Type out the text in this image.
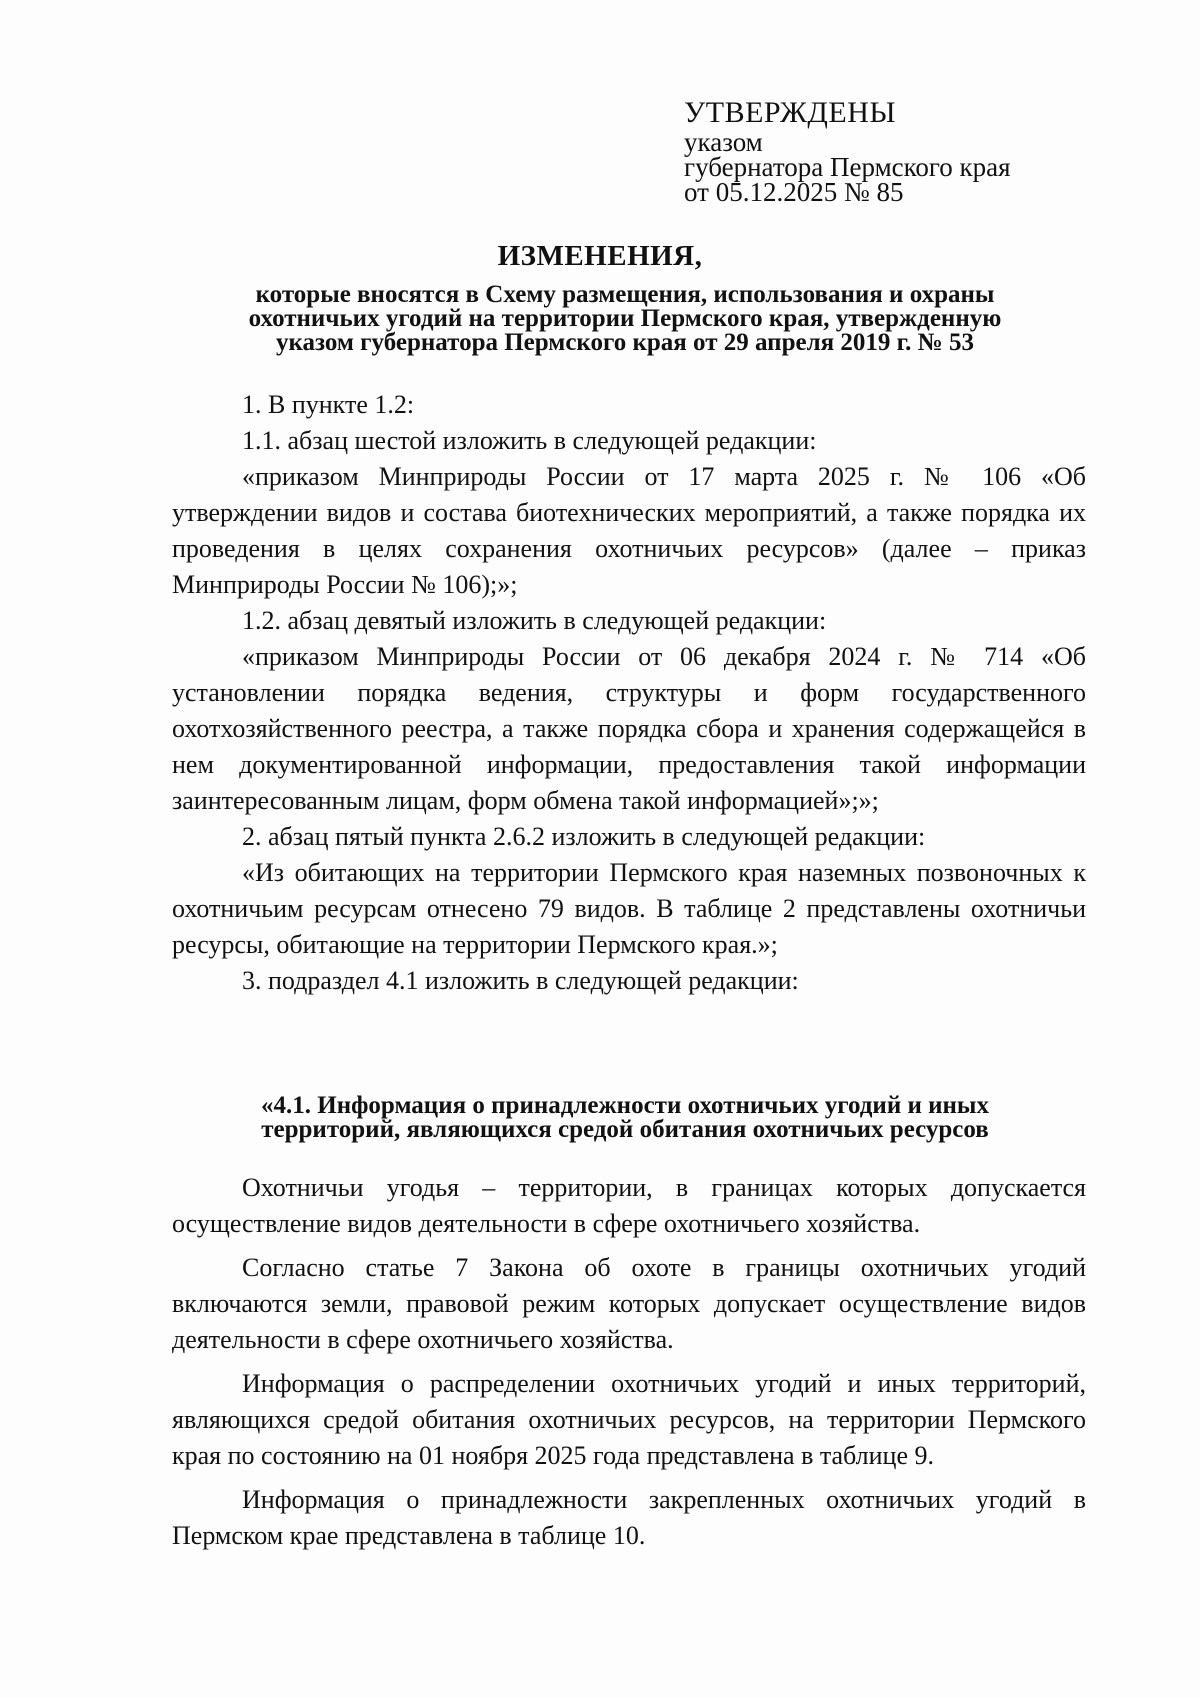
УТВЕРЖДЕНЫ
указом
губернатора Пермского края
от 05.12.2025 № 85
ИЗМЕНЕНИЯ,
которые вносятся в Схему размещения, использования и охраны
охотничьих угодий на территории Пермского края, утвержденную
указом губернатора Пермского края от 29 апреля 2019 г. № 53

1. В пункте 1.2:

1.1. абзац шестой изложить в следующей редакции:

«приказом Минприроды России от 17 марта 2025 г. № 106 «Об утверждении видов и состава биотехнических мероприятий, а также порядка их проведения в целях сохранения охотничьих ресурсов» (далее – приказ Минприроды России № 106);»;

1.2. абзац девятый изложить в следующей редакции:

«приказом Минприроды России от 06 декабря 2024 г. № 714 «Об установлении порядка ведения, структуры и форм государственного охотхозяйственного реестра, а также порядка сбора и хранения содержащейся в нем документированной информации, предоставления такой информации заинтересованным лицам, форм обмена такой информацией»;»;

2. абзац пятый пункта 2.6.2 изложить в следующей редакции:

«Из обитающих на территории Пермского края наземных позвоночных к охотничьим ресурсам отнесено 79 видов. В таблице 2 представлены охотничьи ресурсы, обитающие на территории Пермского края.»;

3. подраздел 4.1 изложить в следующей редакции:

«4.1. Информация о принадлежности охотничьих угодий и иных
территорий, являющихся средой обитания охотничьих ресурсов

Охотничьи угодья – территории, в границах которых допускается осуществление видов деятельности в сфере охотничьего хозяйства.

Согласно статье 7 Закона об охоте в границы охотничьих угодий включаются земли, правовой режим которых допускает осуществление видов деятельности в сфере охотничьего хозяйства.

Информация о распределении охотничьих угодий и иных территорий, являющихся средой обитания охотничьих ресурсов, на территории Пермского края по состоянию на 01 ноября 2025 года представлена в таблице 9.

Информация о принадлежности закрепленных охотничьих угодий в Пермском крае представлена в таблице 10.
